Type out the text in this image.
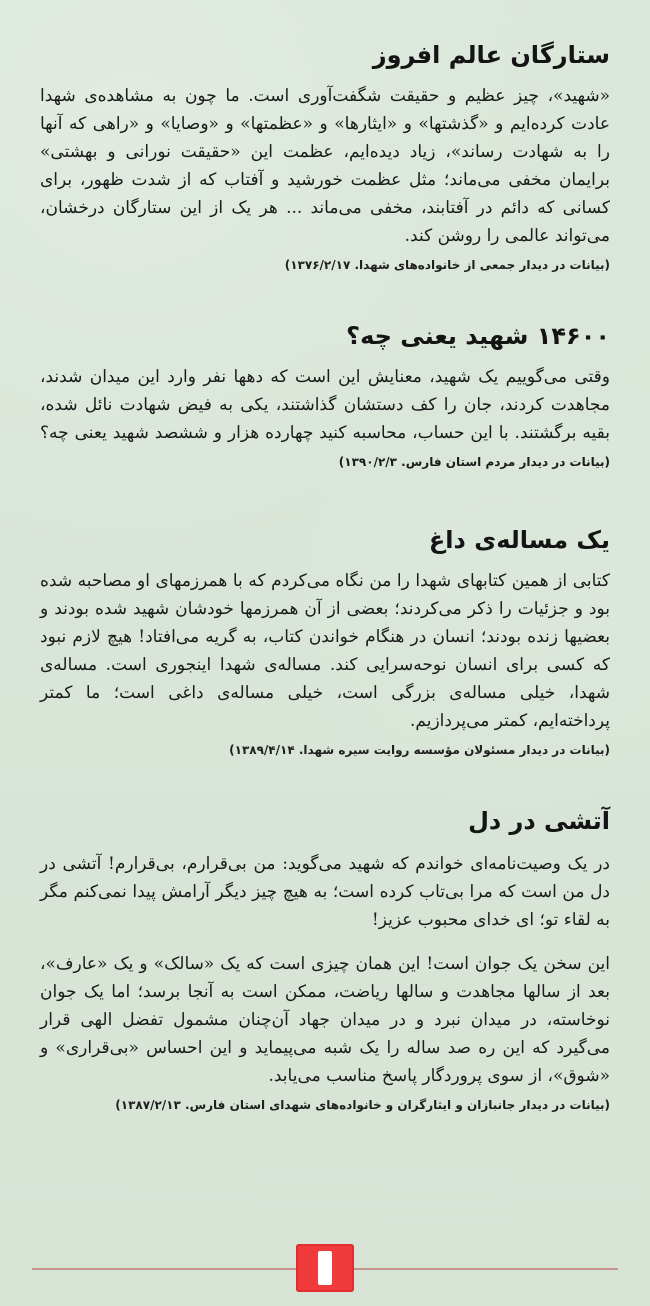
ستارگان عالم افروز

«شهید»، چیز عظیم و حقیقت شگفت‌آوری است. ما چون به مشاهده‌ی شهدا عادت کرده‌ایم و «گذشتها» و «ایثارها» و «عظمتها» و «وصایا» و «راهی که آنها را به شهادت رساند»، زیاد دیده‌ایم، عظمت این «حقیقت نورانی و بهشتی» برایمان مخفی می‌ماند؛ مثل عظمت خورشید و آفتاب که از شدت ظهور، برای کسانی که دائم در آفتابند، مخفی می‌ماند ... هر یک از این ستارگان درخشان، می‌تواند عالمی را روشن کند.

(بیانات در دیدار جمعی از خانواده‌های شهدا. ۱۳۷۶/۲/۱۷)

۱۴۶۰۰ شهید یعنی چه؟

وقتی می‌گوییم یک شهید، معنایش این است که دهها نفر وارد این میدان شدند، مجاهدت کردند، جان را کف دستشان گذاشتند، یکی به فیض شهادت نائل شده، بقیه برگشتند. با این حساب، محاسبه کنید چهارده هزار و ششصد شهید یعنی چه؟ (بیانات در دیدار مردم استان فارس. ۱۳۹۰/۲/۳)

یک مساله‌ی داغ

کتابی از همین کتابهای شهدا را من نگاه می‌کردم که با همرزمهای او مصاحبه شده بود و جزئیات را ذکر می‌کردند؛ بعضی از آن همرزمها خودشان شهید شده بودند و بعضیها زنده بودند؛ انسان در هنگام خواندن کتاب، به گریه می‌افتاد! هیچ لازم نبود که کسی برای انسان نوحه‌سرایی کند. مساله‌ی شهدا اینجوری است. مساله‌ی شهدا، خیلی مساله‌ی بزرگی است، خیلی مساله‌ی داغی است؛ ما کمتر پرداخته‌ایم، کمتر می‌پردازیم.

(بیانات در دیدار مسئولان مؤسسه روایت سیره شهدا. ۱۳۸۹/۴/۱۴)

آتشی در دل

در یک وصیت‌نامه‌ای خواندم که شهید می‌گوید: من بی‌قرارم، بی‌قرارم! آتشی در دل من است که مرا بی‌تاب کرده است؛ به هیچ چیز دیگر آرامش پیدا نمی‌کنم مگر به لقاء تو؛ ای خدای محبوب عزیز!

این سخن یک جوان است! این همان چیزی است که یک «سالک» و یک «عارف»، بعد از سالها مجاهدت و سالها ریاضت، ممکن است به آنجا برسد؛ اما یک جوان نوخاسته، در میدان نبرد و در میدان جهاد آن‌چنان مشمول تفضل الهی قرار می‌گیرد که این ره صد ساله را یک شبه می‌پیماید و این احساس «بی‌قراری» و «شوق»، از سوی پروردگار پاسخ مناسب می‌یابد.

(بیانات در دیدار جانبازان و ایثارگران و خانواده‌های شهدای استان فارس. ۱۳۸۷/۲/۱۳)
